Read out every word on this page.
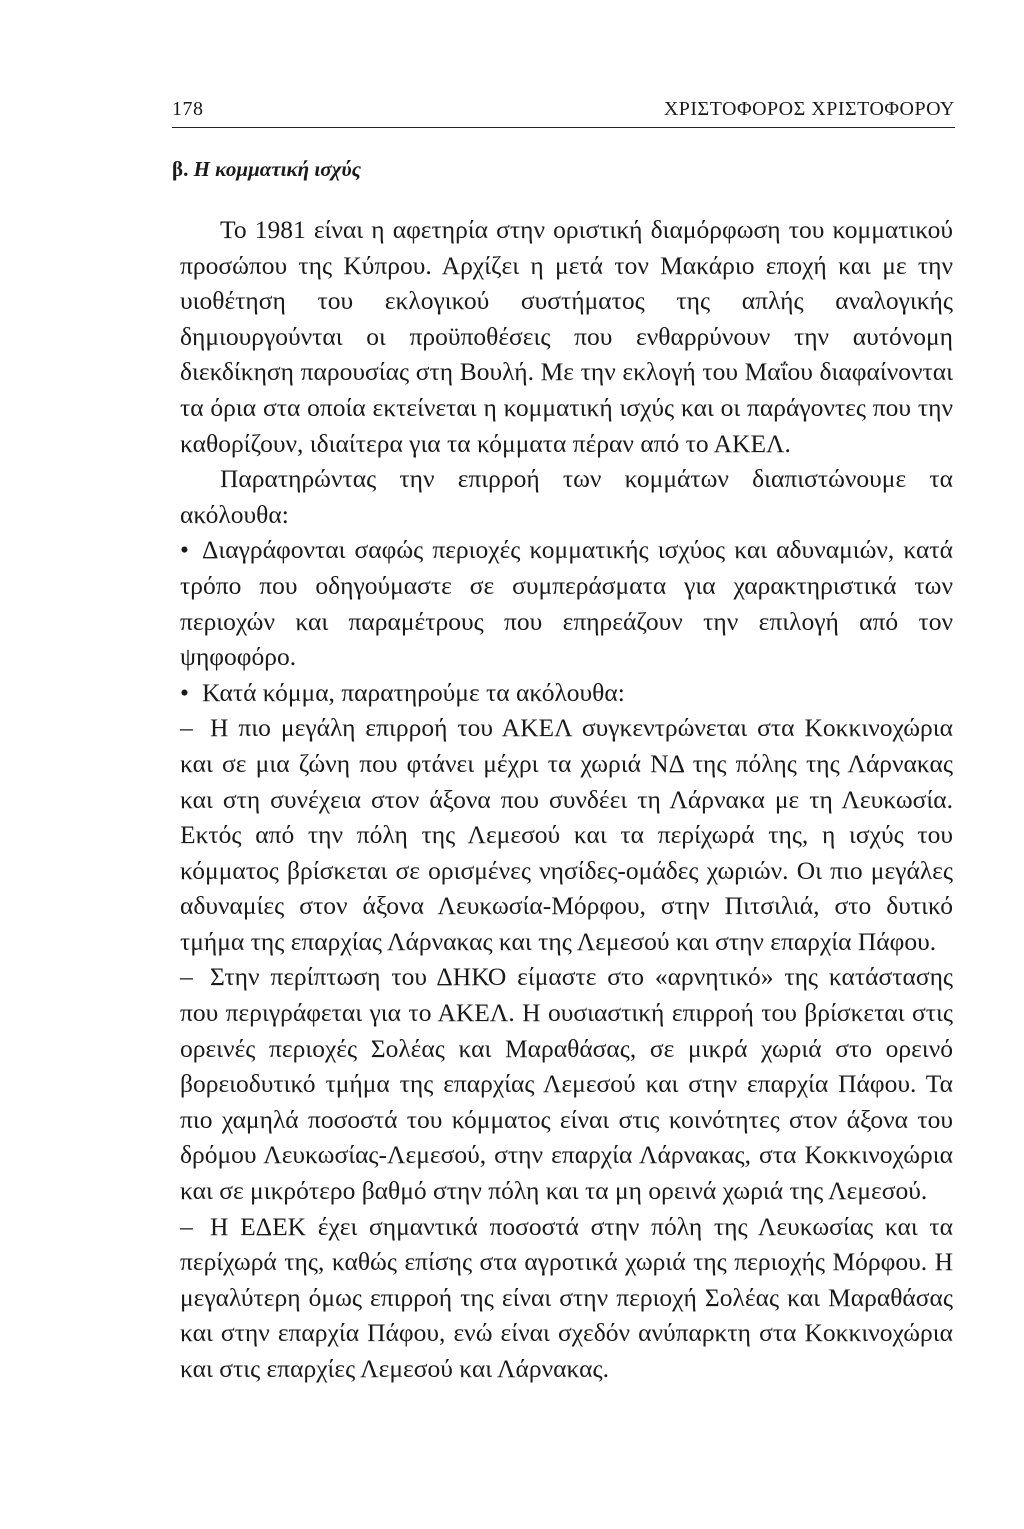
178	ΧΡΙΣΤΟΦΟΡΟΣ ΧΡΙΣΤΟΦΟΡΟΥ
β. Η κομματική ισχύς

Το 1981 είναι η αφετηρία στην οριστική διαμόρφωση του κομματικού προσώπου της Κύπρου. Αρχίζει η μετά τον Μακάριο εποχή και με την υιοθέτηση του εκλογικού συστήματος της απλής αναλογικής δημιουργούνται οι προϋποθέσεις που ενθαρρύνουν την αυτόνομη διεκδίκηση παρουσίας στη Βουλή. Με την εκλογή του Μαΐου διαφαίνονται τα όρια στα οποία εκτείνεται η κομματική ισχύς και οι παράγοντες που την καθορίζουν, ιδιαίτερα για τα κόμματα πέραν από το ΑΚΕΛ.

Παρατηρώντας την επιρροή των κομμάτων διαπιστώνουμε τα ακόλουθα:

• Διαγράφονται σαφώς περιοχές κομματικής ισχύος και αδυναμιών, κατά τρόπο που οδηγούμαστε σε συμπεράσματα για χαρακτηριστικά των περιοχών και παραμέτρους που επηρεάζουν την επιλογή από τον ψηφοφόρο.

• Κατά κόμμα, παρατηρούμε τα ακόλουθα:

– Η πιο μεγάλη επιρροή του ΑΚΕΛ συγκεντρώνεται στα Κοκκινοχώρια και σε μια ζώνη που φτάνει μέχρι τα χωριά ΝΔ της πόλης της Λάρνακας και στη συνέχεια στον άξονα που συνδέει τη Λάρνακα με τη Λευκωσία. Εκτός από την πόλη της Λεμεσού και τα περίχωρά της, η ισχύς του κόμματος βρίσκεται σε ορισμένες νησίδες-ομάδες χωριών. Οι πιο μεγάλες αδυναμίες στον άξονα Λευκωσία-Μόρφου, στην Πιτσιλιά, στο δυτικό τμήμα της επαρχίας Λάρνακας και της Λεμεσού και στην επαρχία Πάφου.

– Στην περίπτωση του ΔΗΚΟ είμαστε στο «αρνητικό» της κατάστασης που περιγράφεται για το ΑΚΕΛ. Η ουσιαστική επιρροή του βρίσκεται στις ορεινές περιοχές Σολέας και Μαραθάσας, σε μικρά χωριά στο ορεινό βορειοδυτικό τμήμα της επαρχίας Λεμεσού και στην επαρχία Πάφου. Τα πιο χαμηλά ποσοστά του κόμματος είναι στις κοινότητες στον άξονα του δρόμου Λευκωσίας-Λεμεσού, στην επαρχία Λάρνακας, στα Κοκκινοχώρια και σε μικρότερο βαθμό στην πόλη και τα μη ορεινά χωριά της Λεμεσού.

– Η ΕΔΕΚ έχει σημαντικά ποσοστά στην πόλη της Λευκωσίας και τα περίχωρά της, καθώς επίσης στα αγροτικά χωριά της περιοχής Μόρφου. Η μεγαλύτερη όμως επιρροή της είναι στην περιοχή Σολέας και Μαραθάσας και στην επαρχία Πάφου, ενώ είναι σχεδόν ανύπαρκτη στα Κοκκινοχώρια και στις επαρχίες Λεμεσού και Λάρνακας.
